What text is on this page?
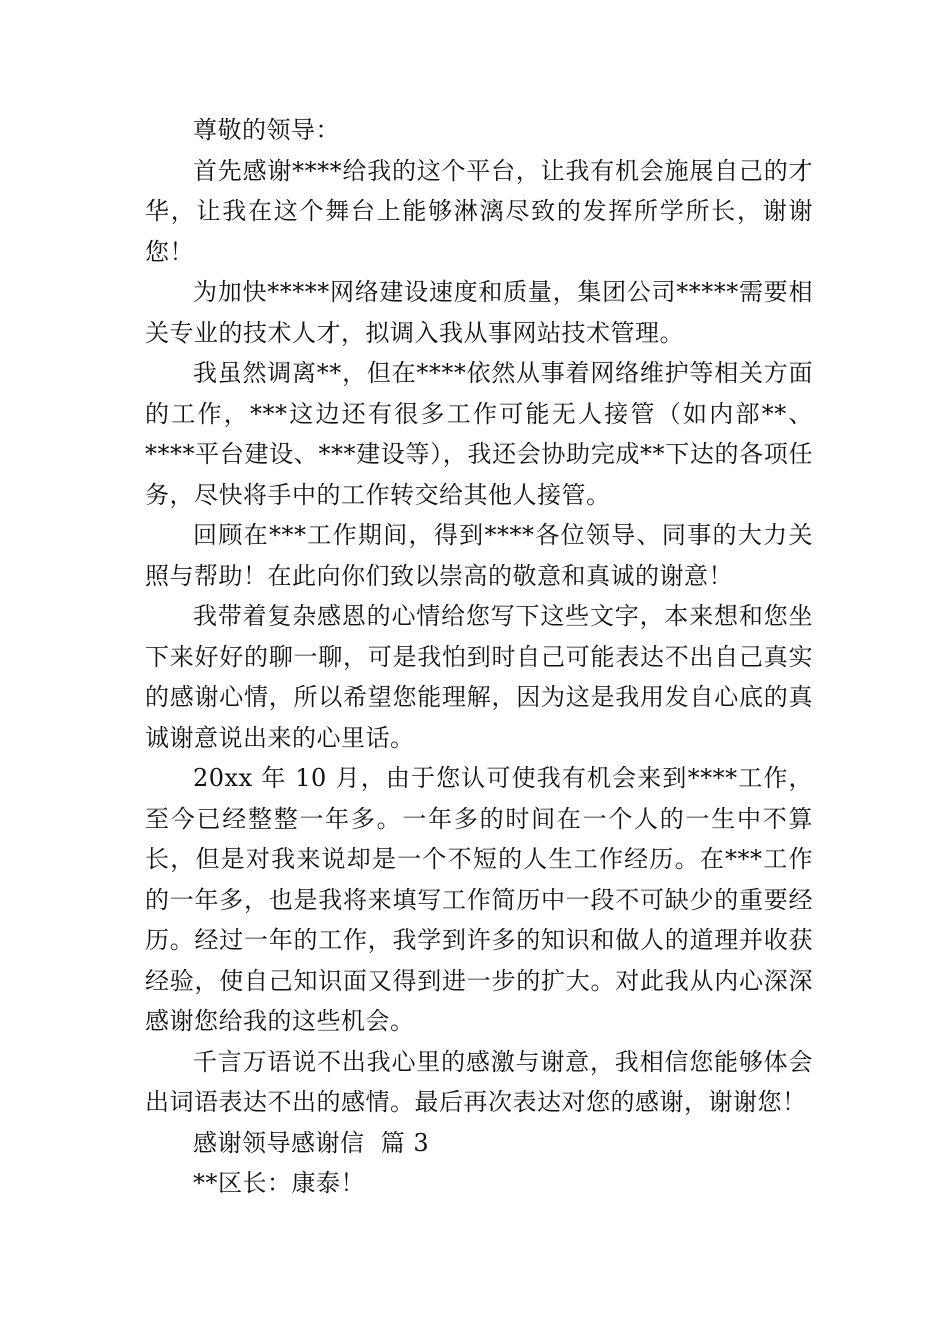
尊敬的领导：

首先感谢****给我的这个平台，让我有机会施展自己的才华，让我在这个舞台上能够淋漓尽致的发挥所学所长，谢谢您！

为加快*****网络建设速度和质量，集团公司*****需要相关专业的技术人才，拟调入我从事网站技术管理。

我虽然调离**，但在****依然从事着网络维护等相关方面的工作，***这边还有很多工作可能无人接管（如内部**、****平台建设、***建设等），我还会协助完成**下达的各项任务，尽快将手中的工作转交给其他人接管。

回顾在***工作期间，得到****各位领导、同事的大力关照与帮助！在此向你们致以崇高的敬意和真诚的谢意！

我带着复杂感恩的心情给您写下这些文字，本来想和您坐下来好好的聊一聊，可是我怕到时自己可能表达不出自己真实的感谢心情，所以希望您能理解，因为这是我用发自心底的真诚谢意说出来的心里话。

20xx 年 10 月，由于您认可使我有机会来到****工作，至今已经整整一年多。一年多的时间在一个人的一生中不算长，但是对我来说却是一个不短的人生工作经历。在***工作的一年多，也是我将来填写工作简历中一段不可缺少的重要经历。经过一年的工作，我学到许多的知识和做人的道理并收获经验，使自己知识面又得到进一步的扩大。对此我从内心深深感谢您给我的这些机会。

千言万语说不出我心里的感激与谢意，我相信您能够体会出词语表达不出的感情。最后再次表达对您的感谢，谢谢您！

感谢领导感谢信  篇 3

**区长：康泰！
